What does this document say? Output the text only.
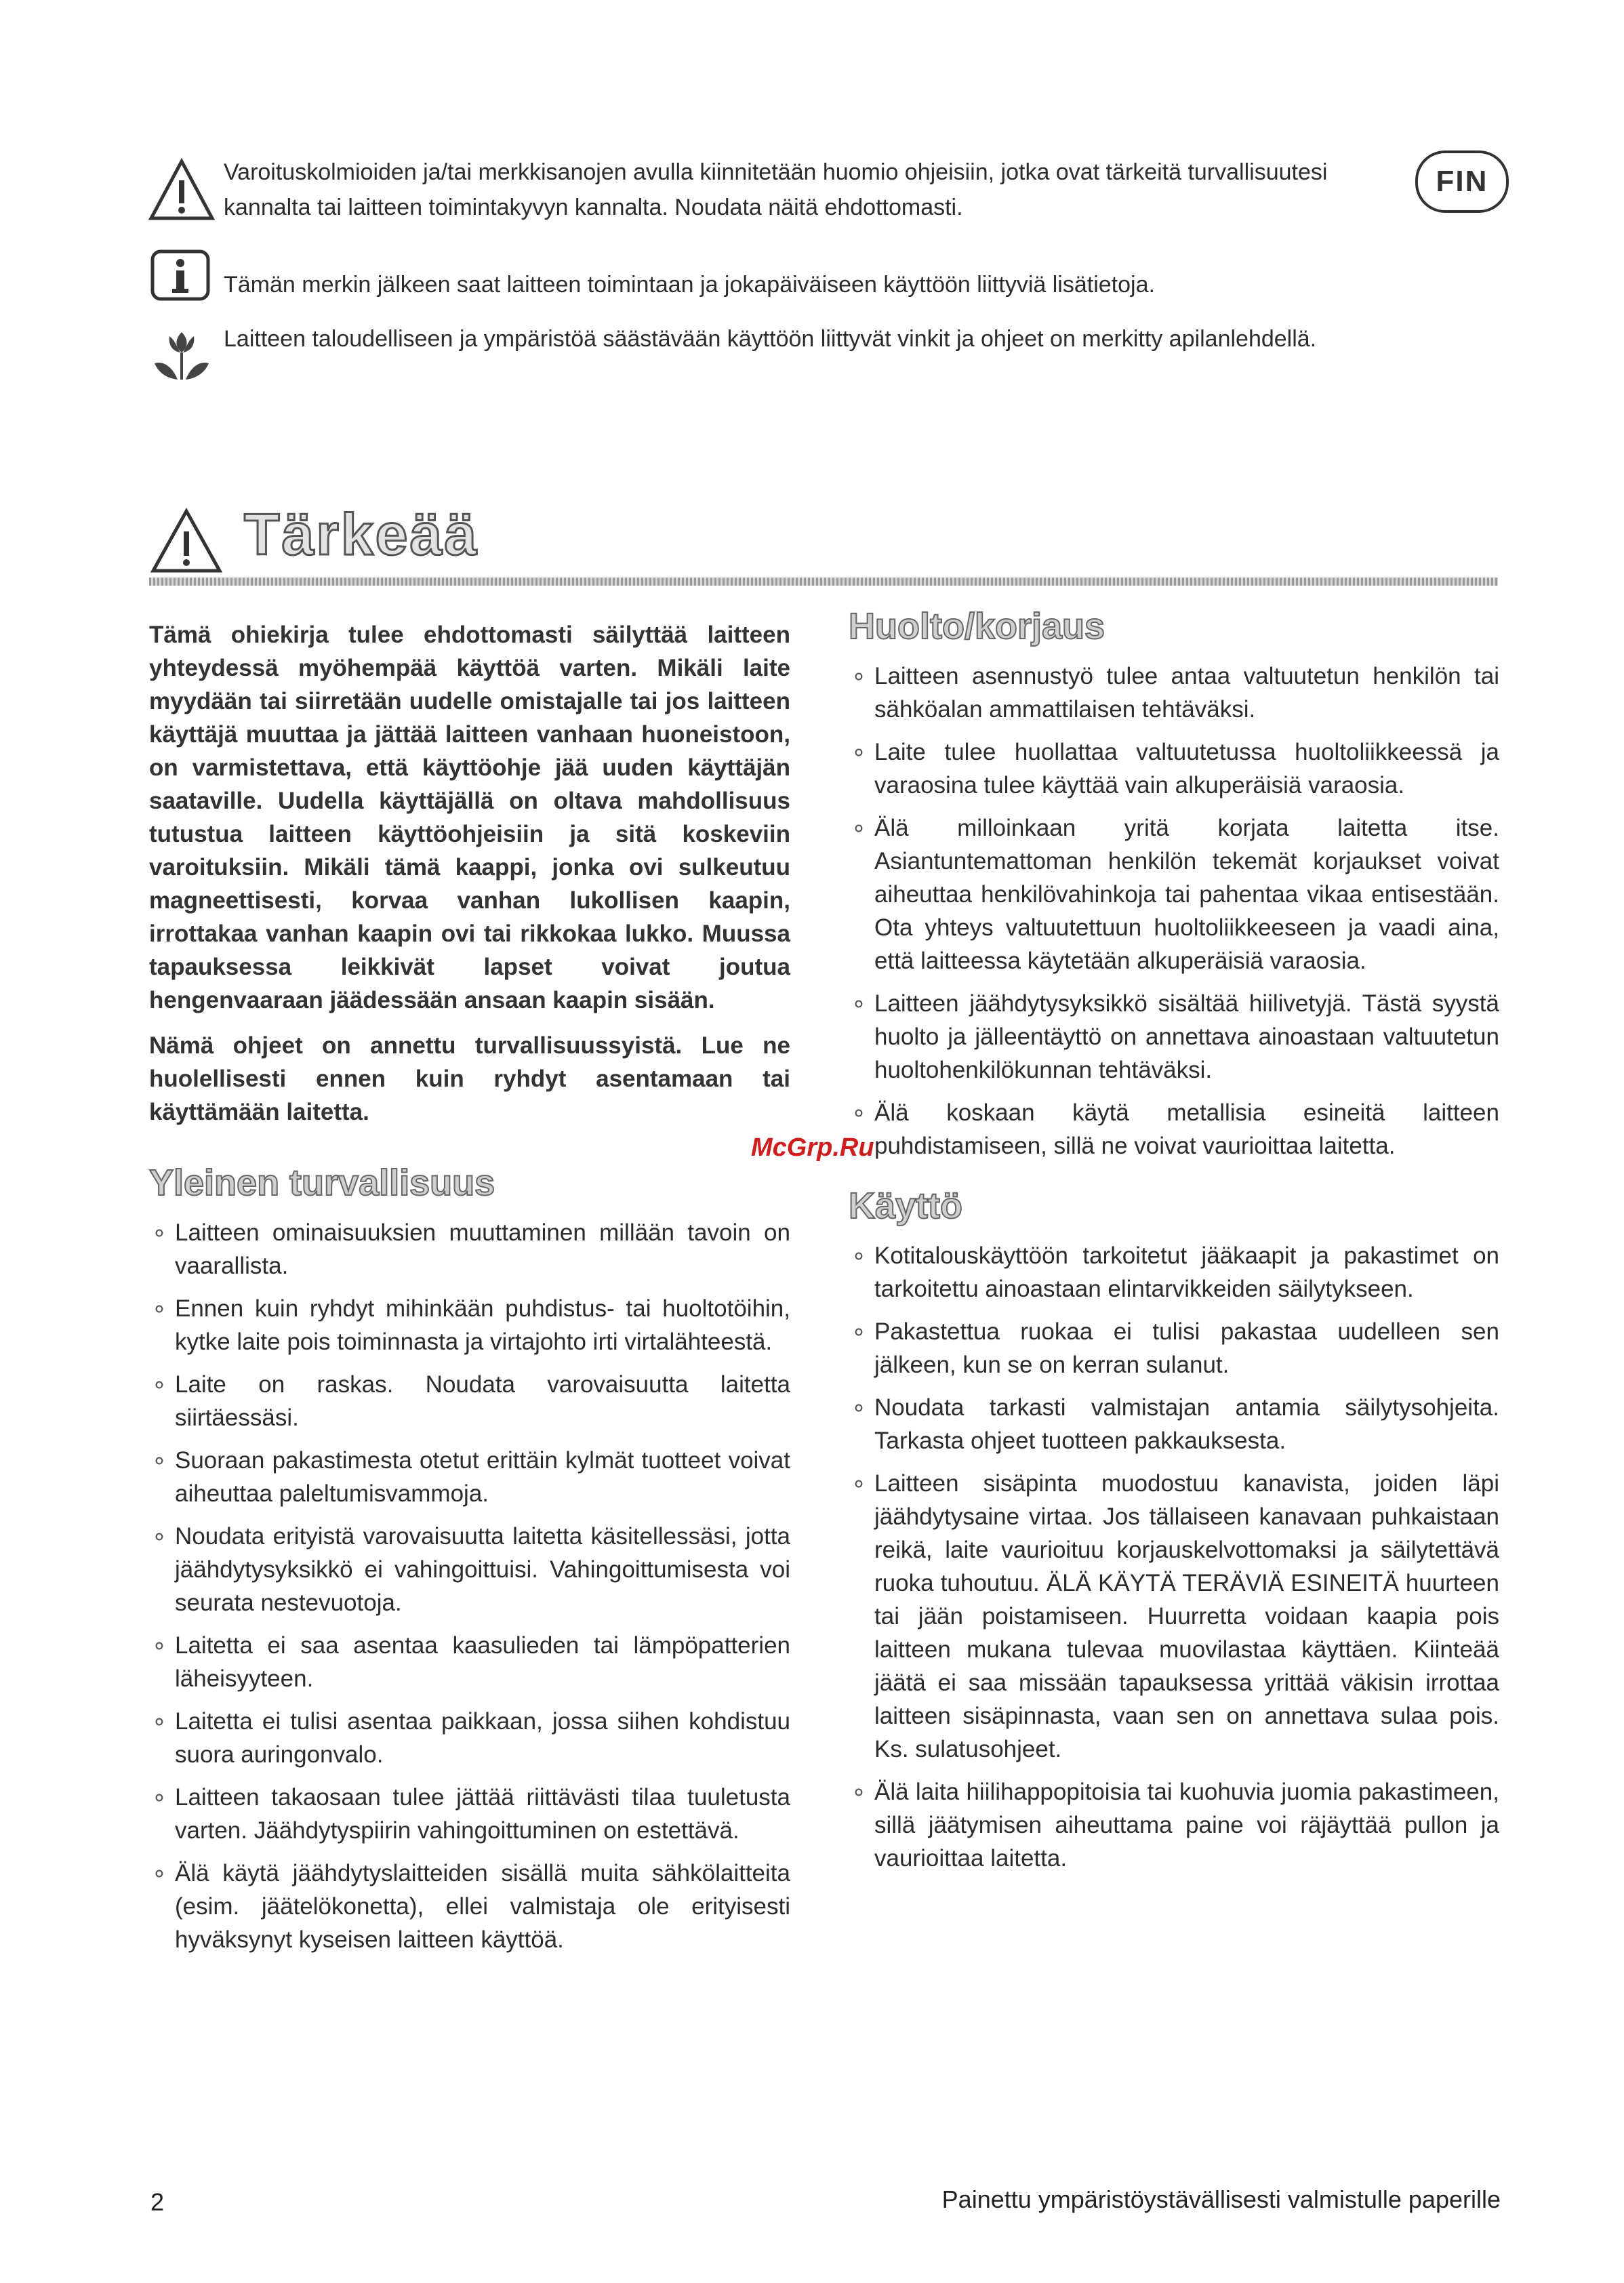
Varoituskolmioiden ja/tai merkkisanojen avulla kiinnitetään huomio ohjeisiin, jotka ovat tärkeitä turvallisuutesi kannalta tai laitteen toimintakyvyn kannalta. Noudata näitä ehdottomasti.
FIN
Tämän merkin jälkeen saat laitteen toimintaan ja jokapäiväiseen käyttöön liittyviä lisätietoja.
Laitteen taloudelliseen ja ympäristöä säästävään käyttöön liittyvät vinkit ja ohjeet on merkitty apilanlehdellä.
Tärkeää

Tämä ohiekirja tulee ehdottomasti säilyttää laitteen yhteydessä myöhempää käyttöä varten. Mikäli laite myydään tai siirretään uudelle omistajalle tai jos laitteen käyttäjä muuttaa ja jättää laitteen vanhaan huoneistoon, on varmistettava, että käyttöohje jää uuden käyttäjän saataville. Uudella käyttäjällä on oltava mahdollisuus tutustua laitteen käyttöohjeisiin ja sitä koskeviin varoituksiin. Mikäli tämä kaappi, jonka ovi sulkeutuu magneettisesti, korvaa vanhan lukollisen kaapin, irrottakaa vanhan kaapin ovi tai rikkokaa lukko. Muussa tapauksessa leikkivät lapset voivat joutua hengenvaaraan jäädessään ansaan kaapin sisään.

Nämä ohjeet on annettu turvallisuussyistä. Lue ne huolellisesti ennen kuin ryhdyt asentamaan tai käyttämään laitetta.

Yleinen turvallisuus
∘ Laitteen ominaisuuksien muuttaminen millään tavoin on vaarallista.
∘ Ennen kuin ryhdyt mihinkään puhdistus- tai huoltotöihin, kytke laite pois toiminnasta ja virtajohto irti virtalähteestä.
∘ Laite on raskas. Noudata varovaisuutta laitetta siirtäessäsi.
∘ Suoraan pakastimesta otetut erittäin kylmät tuotteet voivat aiheuttaa paleltumisvammoja.
∘ Noudata erityistä varovaisuutta laitetta käsitellessäsi, jotta jäähdytysyksikkö ei vahingoittuisi. Vahingoittumisesta voi seurata nestevuotoja.
∘ Laitetta ei saa asentaa kaasulieden tai lämpöpatterien läheisyyteen.
∘ Laitetta ei tulisi asentaa paikkaan, jossa siihen kohdistuu suora auringonvalo.
∘ Laitteen takaosaan tulee jättää riittävästi tilaa tuuletusta varten. Jäähdytyspiirin vahingoittuminen on estettävä.
∘ Älä käytä jäähdytyslaitteiden sisällä muita sähkölaitteita (esim. jäätelökonetta), ellei valmistaja ole erityisesti hyväksynyt kyseisen laitteen käyttöä.
Huolto/korjaus
∘ Laitteen asennustyö tulee antaa valtuutetun henkilön tai sähköalan ammattilaisen tehtäväksi.
∘ Laite tulee huollattaa valtuutetussa huoltoliikkeessä ja varaosina tulee käyttää vain alkuperäisiä varaosia.
∘ Älä milloinkaan yritä korjata laitetta itse. Asiantuntemattoman henkilön tekemät korjaukset voivat aiheuttaa henkilövahinkoja tai pahentaa vikaa entisestään. Ota yhteys valtuutettuun huoltoliikkeeseen ja vaadi aina, että laitteessa käytetään alkuperäisiä varaosia.
∘ Laitteen jäähdytysyksikkö sisältää hiilivetyjä. Tästä syystä huolto ja jälleentäyttö on annettava ainoastaan valtuutetun huoltohenkilökunnan tehtäväksi.
∘ Älä koskaan käytä metallisia esineitä laitteen puhdistamiseen, sillä ne voivat vaurioittaa laitetta.
Käyttö
∘ Kotitalouskäyttöön tarkoitetut jääkaapit ja pakastimet on tarkoitettu ainoastaan elintarvikkeiden säilytykseen.
∘ Pakastettua ruokaa ei tulisi pakastaa uudelleen sen jälkeen, kun se on kerran sulanut.
∘ Noudata tarkasti valmistajan antamia säilytysohjeita. Tarkasta ohjeet tuotteen pakkauksesta.
∘ Laitteen sisäpinta muodostuu kanavista, joiden läpi jäähdytysaine virtaa. Jos tällaiseen kanavaan puhkaistaan reikä, laite vaurioituu korjauskelvottomaksi ja säilytettävä ruoka tuhoutuu. ÄLÄ KÄYTÄ TERÄVIÄ ESINEITÄ huurteen tai jään poistamiseen. Huurretta voidaan kaapia pois laitteen mukana tulevaa muovilastaa käyttäen. Kiinteää jäätä ei saa missään tapauksessa yrittää väkisin irrottaa laitteen sisäpinnasta, vaan sen on annettava sulaa pois. Ks. sulatusohjeet.
∘ Älä laita hiilihappopitoisia tai kuohuvia juomia pakastimeen, sillä jäätymisen aiheuttama paine voi räjäyttää pullon ja vaurioittaa laitetta.
McGrp.Ru
2	Painettu ympäristöystävällisesti valmistulle paperille
